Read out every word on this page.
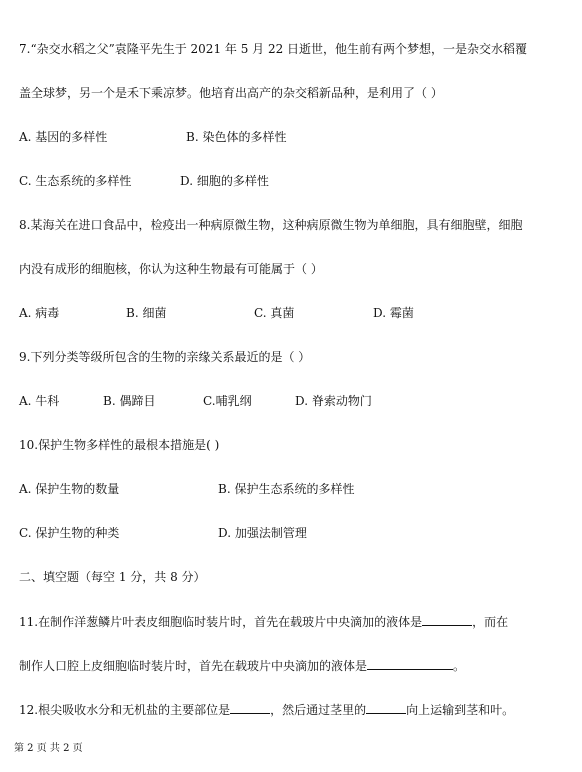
7.“杂交水稻之父”袁隆平先生于 2021 年 5 月 22 日逝世，他生前有两个梦想，一是杂交水稻覆
盖全球梦，另一个是禾下乘凉梦。他培育出高产的杂交稻新品种，是利用了（ ）
A. 基因的多样性	B. 染色体的多样性
C. 生态系统的多样性	D. 细胞的多样性
8.某海关在进口食品中，检疫出一种病原微生物，这种病原微生物为单细胞，具有细胞壁，细胞
内没有成形的细胞核，你认为这种生物最有可能属于（ ）
A. 病毒	B. 细菌	C. 真菌	D. 霉菌
9.下列分类等级所包含的生物的亲缘关系最近的是（ ）
A. 牛科	B. 偶蹄目	C.哺乳纲	D. 脊索动物门
10.保护生物多样性的最根本措施是( )
A. 保护生物的数量	B. 保护生态系统的多样性
C. 保护生物的种类	D. 加强法制管理
二、填空题（每空 1 分，共 8 分）
11.在制作洋葱鳞片叶表皮细胞临时装片时，首先在载玻片中央滴加的液体是	，而在
制作人口腔上皮细胞临时装片时，首先在载玻片中央滴加的液体是	。
12.根尖吸收水分和无机盐的主要部位是	，然后通过茎里的	向上运输到茎和叶。
第 2 页 共 2 页
